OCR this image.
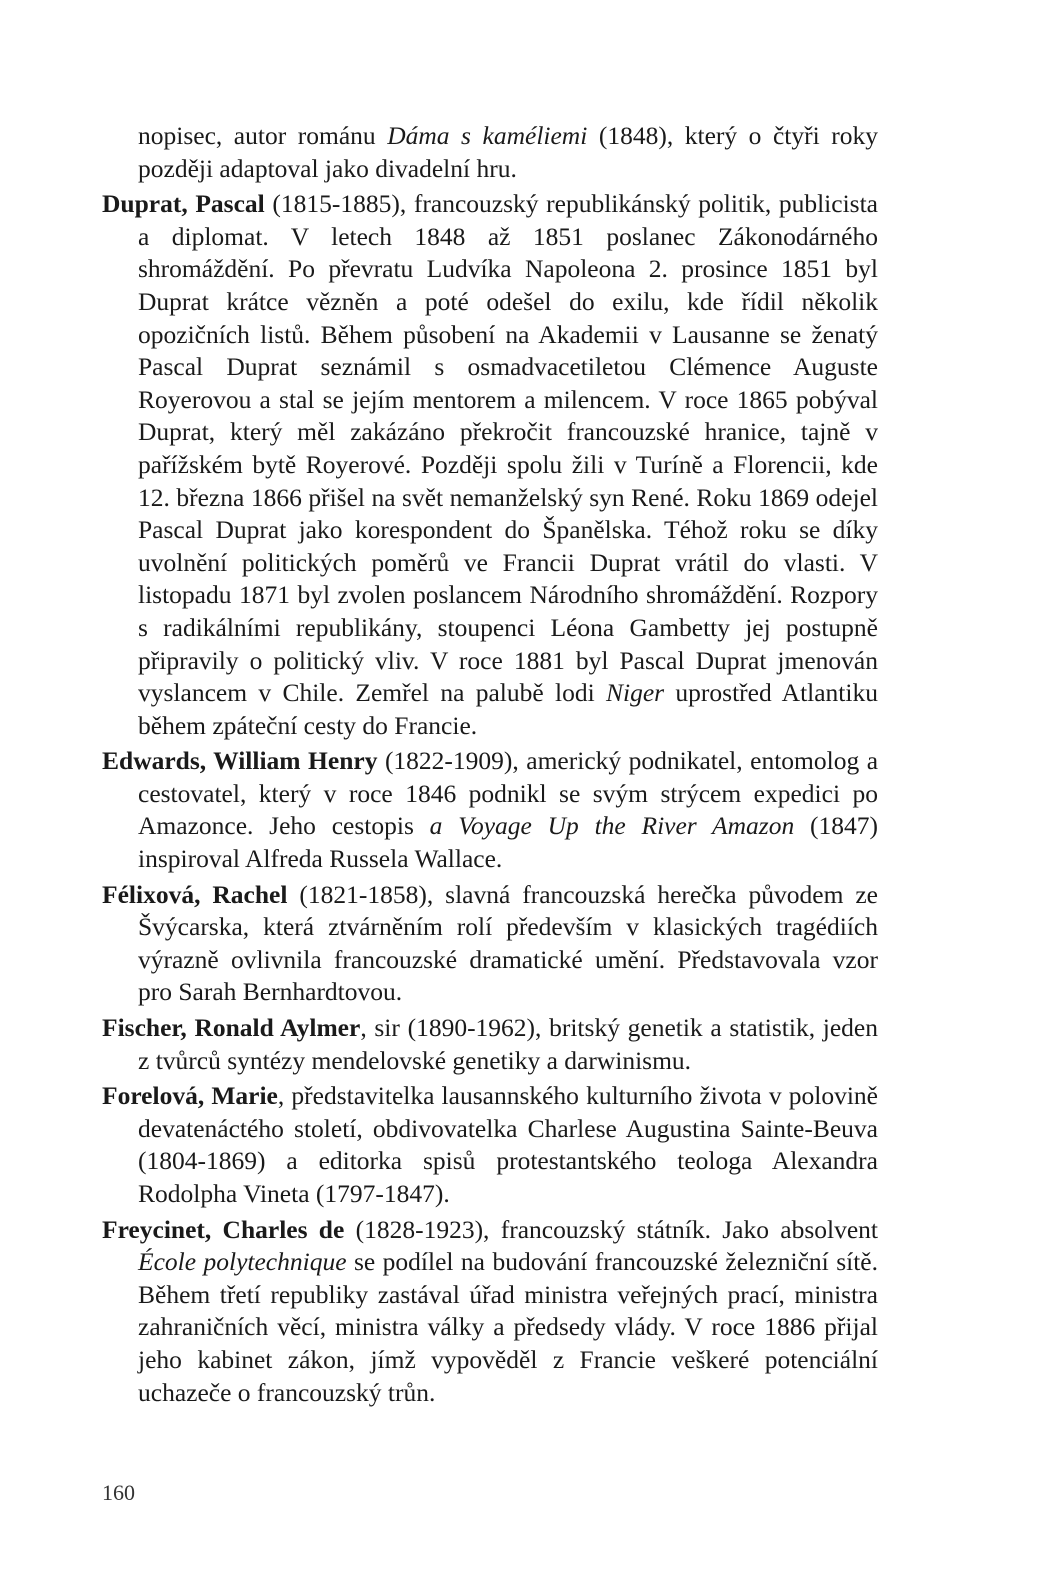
nopisec, autor románu Dáma s kaméliemi (1848), který o čtyři roky později adaptoval jako divadelní hru.

Duprat, Pascal (1815-1885), francouzský republikánský politik, publicista a diplomat. V letech 1848 až 1851 poslanec Zákonodárného shromáždění. Po převratu Ludvíka Napoleona 2. prosince 1851 byl Duprat krátce vězněn a poté odešel do exilu, kde řídil několik opozičních listů. Během působení na Akademii v Lausanne se ženatý Pascal Duprat seznámil s osmadvacetiletou Clémence Auguste Royerovou a stal se jejím mentorem a milencem. V roce 1865 pobýval Duprat, který měl zakázáno překročit francouzské hranice, tajně v pařížském bytě Royerové. Později spolu žili v Turíně a Florencii, kde 12. března 1866 přišel na svět nemanželský syn René. Roku 1869 odejel Pascal Duprat jako korespondent do Španělska. Téhož roku se díky uvolnění politických poměrů ve Francii Duprat vrátil do vlasti. V listopadu 1871 byl zvolen poslancem Národního shromáždění. Rozpory s radikálními republikány, stoupenci Léona Gambetty jej postupně připravily o politický vliv. V roce 1881 byl Pascal Duprat jmenován vyslancem v Chile. Zemřel na palubě lodi Niger uprostřed Atlantiku během zpáteční cesty do Francie.

Edwards, William Henry (1822-1909), americký podnikatel, entomolog a cestovatel, který v roce 1846 podnikl se svým strýcem expedici po Amazonce. Jeho cestopis a Voyage Up the River Amazon (1847) inspiroval Alfreda Russela Wallace.

Félixová, Rachel (1821-1858), slavná francouzská herečka původem ze Švýcarska, která ztvárněním rolí především v klasických tragédiích výrazně ovlivnila francouzské dramatické umění. Představovala vzor pro Sarah Bernhardtovou.

Fischer, Ronald Aylmer, sir (1890-1962), britský genetik a statistik, jeden z tvůrců syntézy mendelovské genetiky a darwinismu.

Forelová, Marie, představitelka lausannského kulturního života v polovině devatenáctého století, obdivovatelka Charlese Augustina Sainte-Beuva (1804-1869) a editorka spisů protestantského teologa Alexandra Rodolpha Vineta (1797-1847).

Freycinet, Charles de (1828-1923), francouzský státník. Jako absolvent École polytechnique se podílel na budování francouzské železniční sítě. Během třetí republiky zastával úřad ministra veřejných prací, ministra zahraničních věcí, ministra války a předsedy vlády. V roce 1886 přijal jeho kabinet zákon, jímž vypověděl z Francie veškeré potenciální uchazeče o francouzský trůn.

160
